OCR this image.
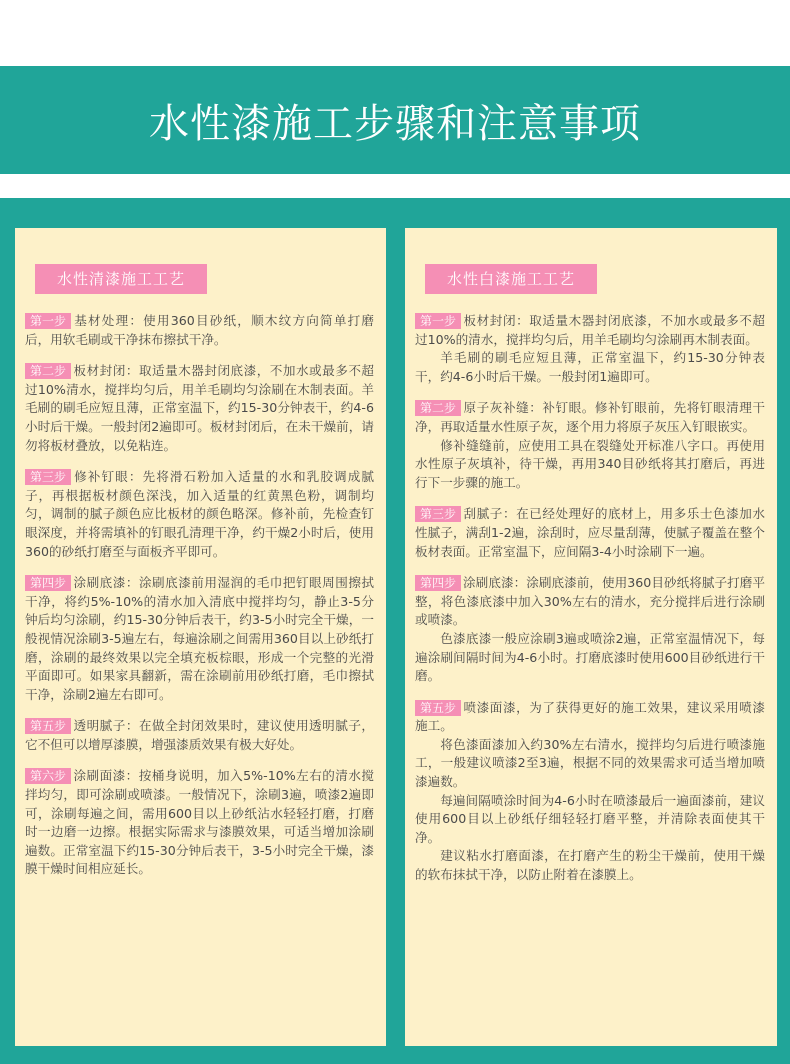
水性漆施工步骤和注意事项
水性清漆施工工艺

第一步 基材处理：使用360目砂纸，顺木纹方向简单打磨后，用软毛刷或干净抹布擦拭干净。

第二步 板材封闭：取适量木器封闭底漆，不加水或最多不超过10%清水，搅拌均匀后，用羊毛刷均匀涂刷在木制表面。羊毛刷的刷毛应短且薄，正常室温下，约15-30分钟表干，约4-6小时后干燥。一般封闭2遍即可。板材封闭后，在未干燥前，请勿将板材叠放，以免粘连。

第三步 修补钉眼：先将滑石粉加入适量的水和乳胶调成腻子，再根据板材颜色深浅，加入适量的红黄黑色粉，调制均匀，调制的腻子颜色应比板材的颜色略深。修补前，先检查钉眼深度，并将需填补的钉眼孔清理干净，约干燥2小时后，使用360的砂纸打磨至与面板齐平即可。

第四步 涂刷底漆：涂刷底漆前用湿润的毛巾把钉眼周围擦拭干净，将约5%-10%的清水加入清底中搅拌均匀，静止3-5分钟后均匀涂刷，约15-30分钟后表干，约3-5小时完全干燥，一般视情况涂刷3-5遍左右，每遍涂刷之间需用360目以上砂纸打磨，涂刷的最终效果以完全填充板棕眼，形成一个完整的光滑平面即可。如果家具翻新，需在涂刷前用砂纸打磨，毛巾擦拭干净，涂刷2遍左右即可。

第五步 透明腻子：在做全封闭效果时，建议使用透明腻子，它不但可以增厚漆膜，增强漆质效果有极大好处。

第六步 涂刷面漆：按桶身说明，加入5%-10%左右的清水搅拌均匀，即可涂刷或喷漆。一般情况下，涂刷3遍，喷漆2遍即可，涂刷每遍之间，需用600目以上砂纸沾水轻轻打磨，打磨时一边磨一边擦。根据实际需求与漆膜效果，可适当增加涂刷遍数。正常室温下约15-30分钟后表干，3-5小时完全干燥，漆膜干燥时间相应延长。

水性白漆施工工艺

第一步 板材封闭：取适量木器封闭底漆，不加水或最多不超过10%的清水，搅拌均匀后，用羊毛刷均匀涂刷再木制表面。

羊毛刷的刷毛应短且薄，正常室温下，约15-30分钟表干，约4-6小时后干燥。一般封闭1遍即可。

第二步 原子灰补缝：补钉眼。修补钉眼前，先将钉眼清理干净，再取适量水性原子灰，逐个用力将原子灰压入钉眼嵌实。

修补缝缝前，应使用工具在裂缝处开标准八字口。再使用水性原子灰填补，待干燥，再用340目砂纸将其打磨后，再进行下一步骤的施工。

第三步 刮腻子：在已经处理好的底材上，用多乐士色漆加水性腻子，满刮1-2遍，涂刮时，应尽量刮薄，使腻子覆盖在整个板材表面。正常室温下，应间隔3-4小时涂刷下一遍。

第四步 涂刷底漆：涂刷底漆前，使用360目砂纸将腻子打磨平整，将色漆底漆中加入30%左右的清水，充分搅拌后进行涂刷或喷漆。

色漆底漆一般应涂刷3遍或喷涂2遍，正常室温情况下，每遍涂刷间隔时间为4-6小时。打磨底漆时使用600目砂纸进行干磨。

第五步 喷漆面漆，为了获得更好的施工效果，建议采用喷漆施工。

将色漆面漆加入约30%左右清水，搅拌均匀后进行喷漆施工，一般建议喷漆2至3遍，根据不同的效果需求可适当增加喷漆遍数。

每遍间隔喷涂时间为4-6小时在喷漆最后一遍面漆前，建议使用600目以上砂纸仔细轻轻打磨平整，并清除表面使其干净。

建议粘水打磨面漆，在打磨产生的粉尘干燥前，使用干燥的软布抹拭干净，以防止附着在漆膜上。
